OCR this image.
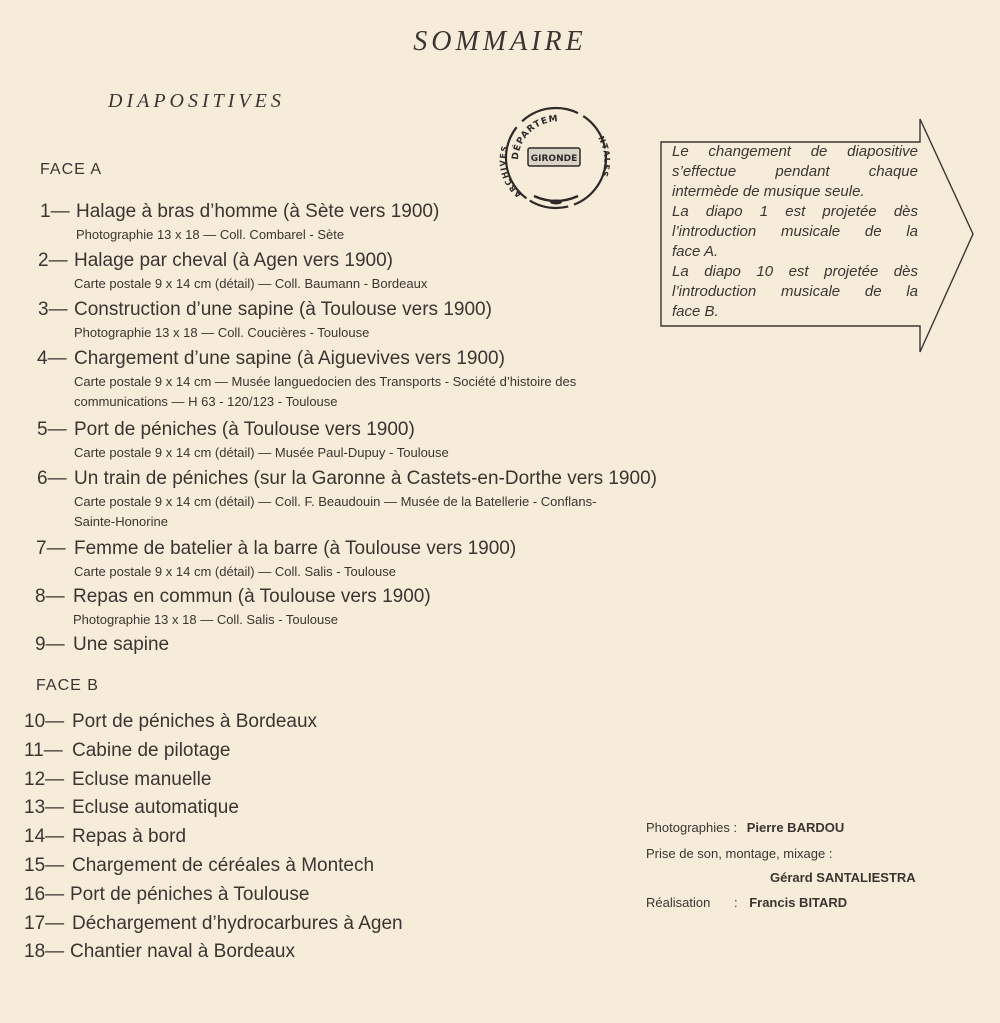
SOMMAIRE
DIAPOSITIVES
DÉPARTEM
ARCHIVES
NTALES
GIRONDE	Le changement de diapositive
s’effectue pendant chaque
intermède de musique seule.
La diapo 1 est projetée dès
l’introduction musicale de la
face A.
La diapo 10 est projetée dès
l’introduction musicale de la
face B.
FACE A
1— Halage à bras d’homme (à Sète vers 1900)
Photographie 13 x 18 — Coll. Combarel - Sète
2— Halage par cheval (à Agen vers 1900)
Carte postale 9 x 14 cm (détail) — Coll. Baumann - Bordeaux
3— Construction d’une sapine (à Toulouse vers 1900)
Photographie 13 x 18 — Coll. Coucières - Toulouse
4— Chargement d’une sapine (à Aiguevives vers 1900)
Carte postale 9 x 14 cm — Musée languedocien des Transports - Société d’histoire des
communications — H 63 - 120/123 - Toulouse
5— Port de péniches (à Toulouse vers 1900)
Carte postale 9 x 14 cm (détail) — Musée Paul-Dupuy - Toulouse
6— Un train de péniches (sur la Garonne à Castets-en-Dorthe vers 1900)
Carte postale 9 x 14 cm (détail) — Coll. F. Beaudouin — Musée de la Batellerie - Conflans-
Sainte-Honorine
7— Femme de batelier à la barre (à Toulouse vers 1900)
Carte postale 9 x 14 cm (détail) — Coll. Salis - Toulouse
8— Repas en commun (à Toulouse vers 1900)
Photographie 13 x 18 — Coll. Salis - Toulouse
9— Une sapine
FACE B
10— Port de péniches à Bordeaux
11— Cabine de pilotage
12— Ecluse manuelle
13— Ecluse automatique
14— Repas à bord
15— Chargement de céréales à Montech
16— Port de péniches à Toulouse
17— Déchargement d’hydrocarbures à Agen
18— Chantier naval à Bordeaux
Photographies : Pierre BARDOU
Prise de son, montage, mixage :
Gérard SANTALIESTRA
Réalisation : Francis BITARD
